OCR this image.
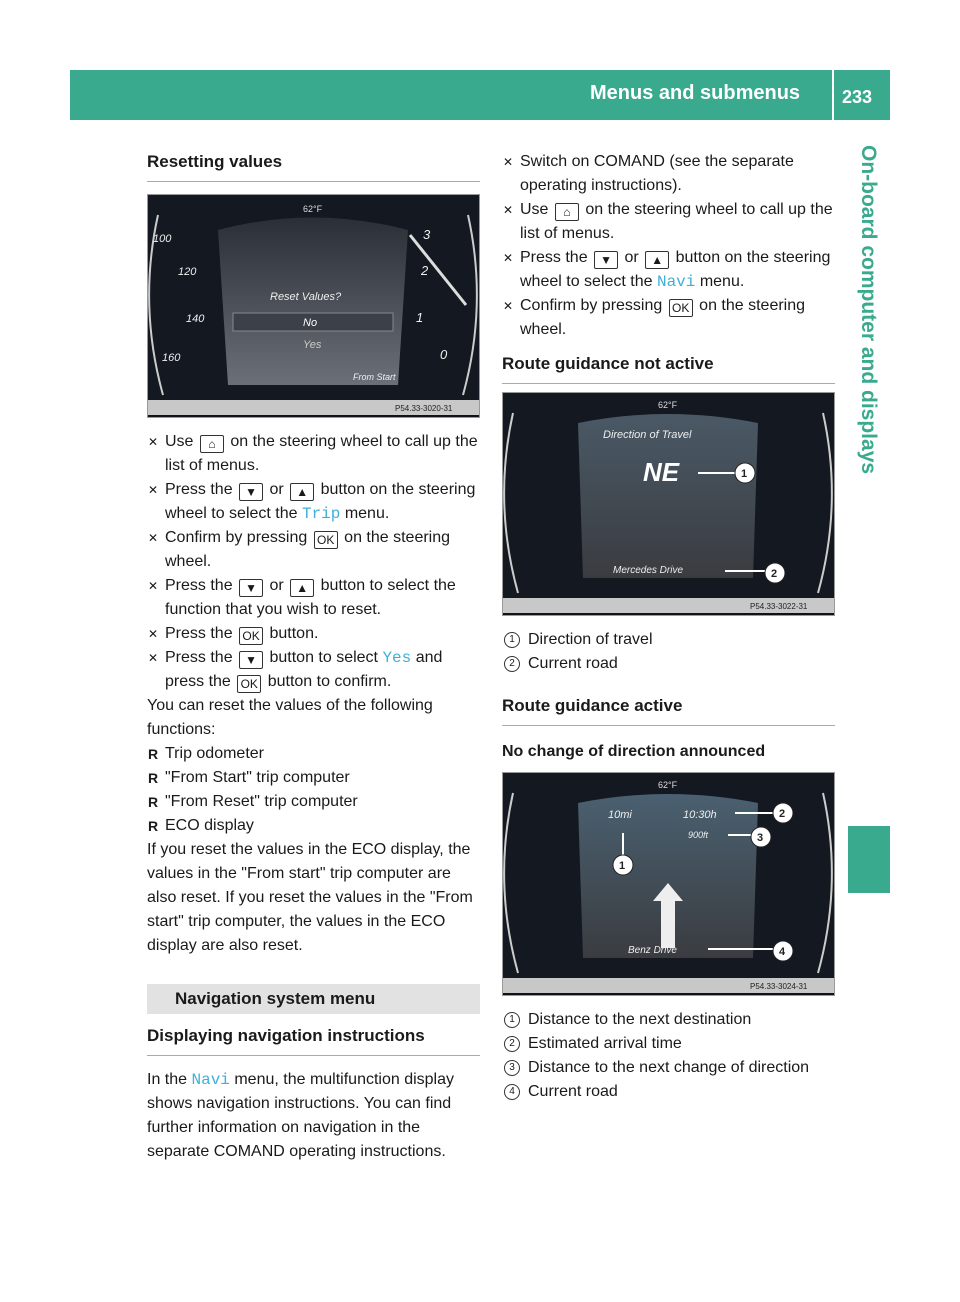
Menus and submenus 233
On-board computer and displays
Resetting values
62°F
100
120
140
160
3
2
1
0
Reset Values?
No
Yes
From Start
P54.33-3020-31

✕ Use ⌂ on the steering wheel to call up the list of menus.

✕ Press the ▼ or ▲ button on the steering wheel to select the Trip menu.

✕ Confirm by pressing OK on the steering wheel.

✕ Press the ▼ or ▲ button to select the function that you wish to reset.

✕ Press the OK button.

✕ Press the ▼ button to select Yes and press the OK button to confirm.

You can reset the values of the following functions:

R Trip odometer

R "From Start" trip computer

R "From Reset" trip computer

R ECO display

If you reset the values in the ECO display, the values in the "From start" trip computer are also reset. If you reset the values in the "From start" trip computer, the values in the ECO display are also reset.

Navigation system menu
Displaying navigation instructions

In the Navi menu, the multifunction display shows navigation instructions. You can find further information on navigation in the separate COMAND operating instructions.

✕ Switch on COMAND (see the separate operating instructions).

✕ Use ⌂ on the steering wheel to call up the list of menus.

✕ Press the ▼ or ▲ button on the steering wheel to select the Navi menu.

✕ Confirm by pressing OK on the steering wheel.

Route guidance not active
62°F
Direction of Travel
NE	1
Mercedes Drive	2
P54.33-3022-31

1 Direction of travel

2 Current road

Route guidance active

No change of direction announced

62°F
10mi	10:30h
900ft
1
2
3
Benz Drive	4
P54.33-3024-31

1 Distance to the next destination

2 Estimated arrival time

3 Distance to the next change of direction

4 Current road
